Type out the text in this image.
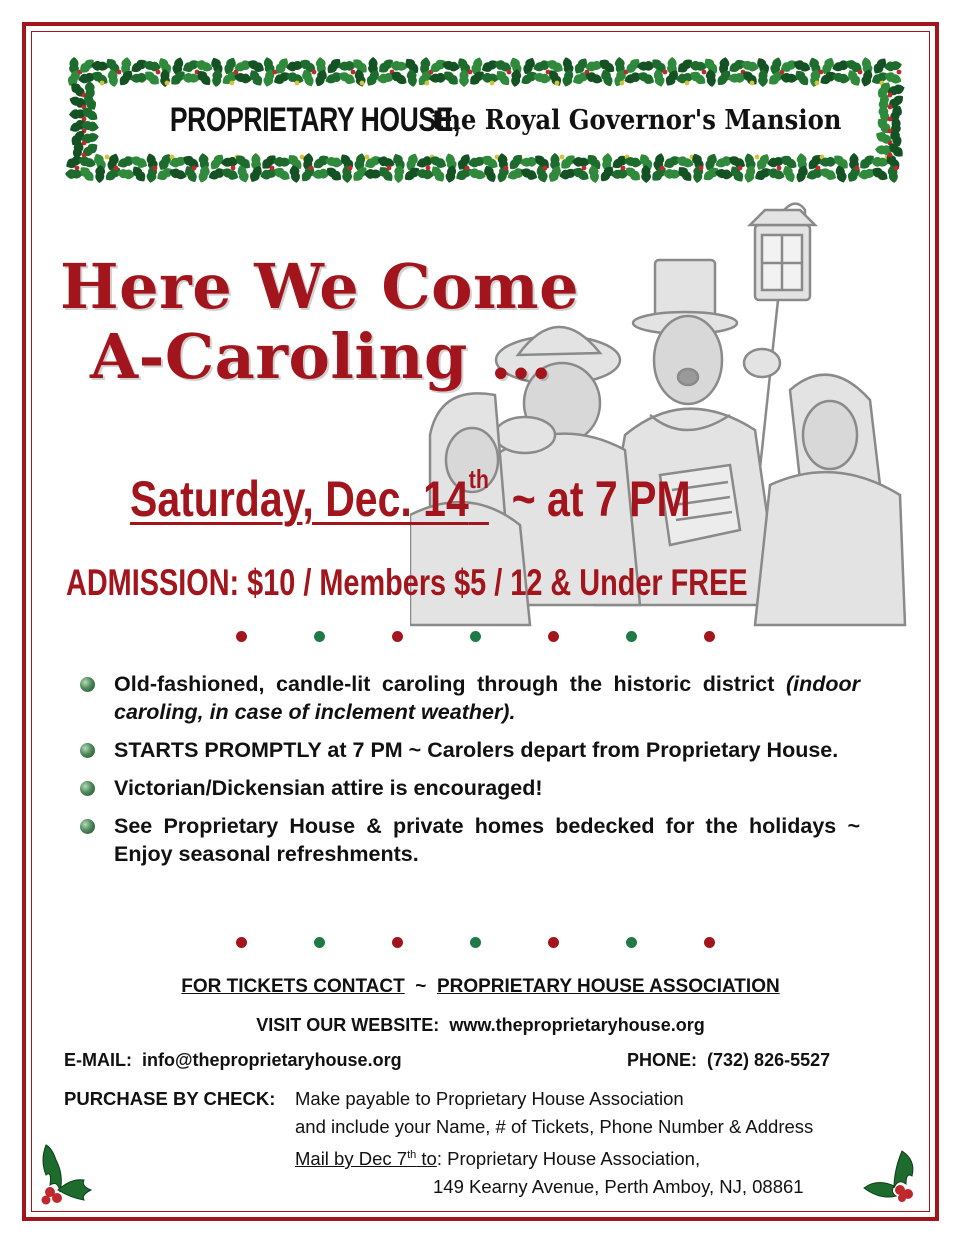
PROPRIETARY HOUSE,
the Royal Governor's Mansion
Here We Come
A-Caroling …
Saturday, Dec. 14th ~ at 7 PM
ADMISSION: $10 / Members $5 / 12 & Under FREE
Old-fashioned, candle-lit caroling through the historic district (indoor caroling, in case of inclement weather).
STARTS PROMPTLY at 7 PM ~ Carolers depart from Proprietary House.
Victorian/Dickensian attire is encouraged!
See Proprietary House & private homes bedecked for the holidays ~ Enjoy seasonal refreshments.
FOR TICKETS CONTACT ~ PROPRIETARY HOUSE ASSOCIATION
VISIT OUR WEBSITE: www.theproprietaryhouse.org
E-MAIL: info@theproprietaryhouse.org	PHONE: (732) 826-5527
PURCHASE BY CHECK: Make payable to Proprietary House Association
and include your Name, # of Tickets, Phone Number & Address
Mail by Dec 7th to: Proprietary House Association,
149 Kearny Avenue, Perth Amboy, NJ, 08861
